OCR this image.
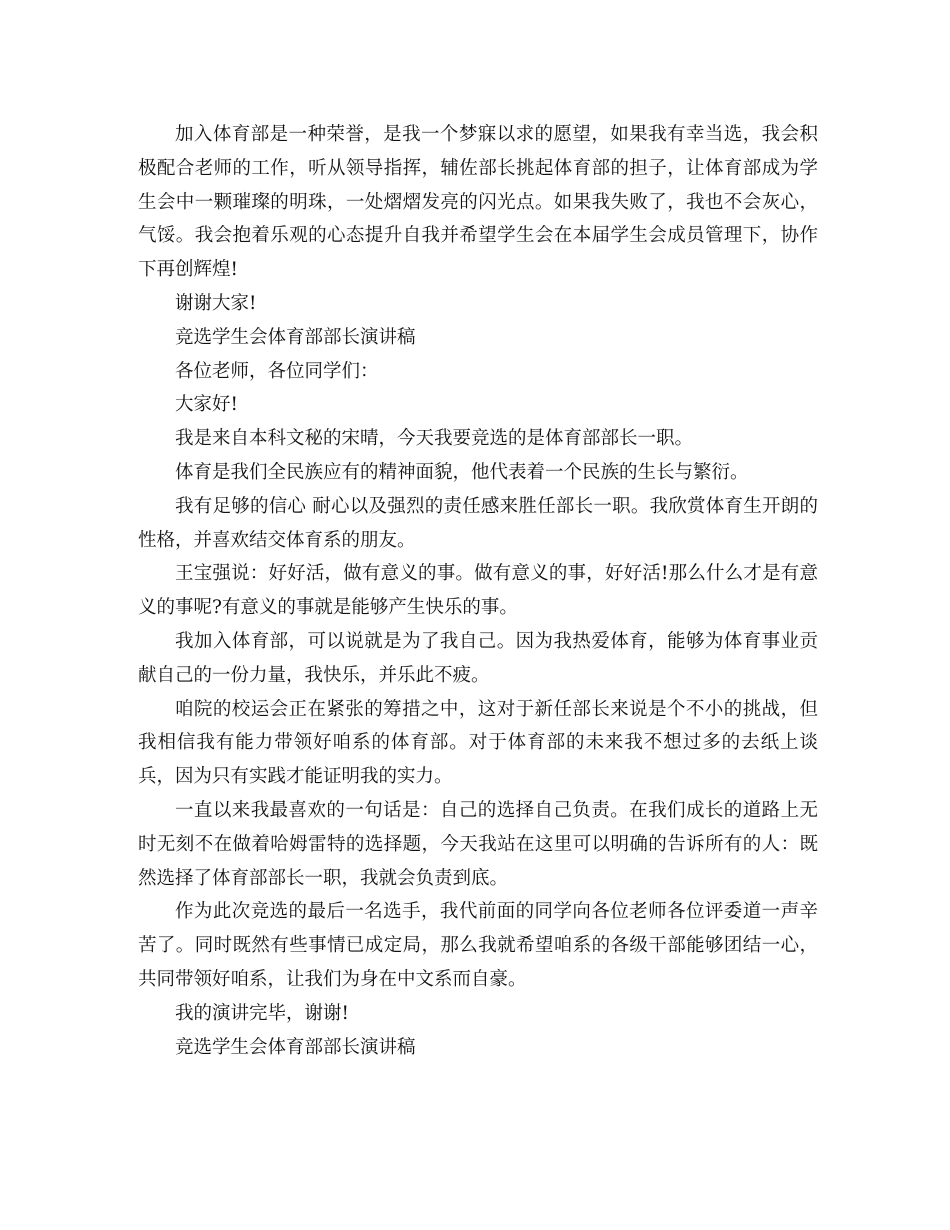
加入体育部是一种荣誉，是我一个梦寐以求的愿望，如果我有幸当选，我会积极配合老师的工作，听从领导指挥，辅佐部长挑起体育部的担子，让体育部成为学生会中一颗璀璨的明珠，一处熠熠发亮的闪光点。如果我失败了，我也不会灰心，气馁。我会抱着乐观的心态提升自我并希望学生会在本届学生会成员管理下，协作下再创辉煌!

谢谢大家!

竞选学生会体育部部长演讲稿

各位老师，各位同学们：

大家好!

我是来自本科文秘的宋晴，今天我要竞选的是体育部部长一职。

体育是我们全民族应有的精神面貌，他代表着一个民族的生长与繁衍。

我有足够的信心 耐心以及强烈的责任感来胜任部长一职。我欣赏体育生开朗的性格，并喜欢结交体育系的朋友。

王宝强说：好好活，做有意义的事。做有意义的事，好好活!那么什么才是有意义的事呢?有意义的事就是能够产生快乐的事。

我加入体育部，可以说就是为了我自己。因为我热爱体育，能够为体育事业贡献自己的一份力量，我快乐，并乐此不疲。

咱院的校运会正在紧张的筹措之中，这对于新任部长来说是个不小的挑战，但我相信我有能力带领好咱系的体育部。对于体育部的未来我不想过多的去纸上谈兵，因为只有实践才能证明我的实力。

一直以来我最喜欢的一句话是：自己的选择自己负责。在我们成长的道路上无时无刻不在做着哈姆雷特的选择题，今天我站在这里可以明确的告诉所有的人：既然选择了体育部部长一职，我就会负责到底。

作为此次竞选的最后一名选手，我代前面的同学向各位老师各位评委道一声辛苦了。同时既然有些事情已成定局，那么我就希望咱系的各级干部能够团结一心，共同带领好咱系，让我们为身在中文系而自豪。

我的演讲完毕，谢谢!

竞选学生会体育部部长演讲稿
